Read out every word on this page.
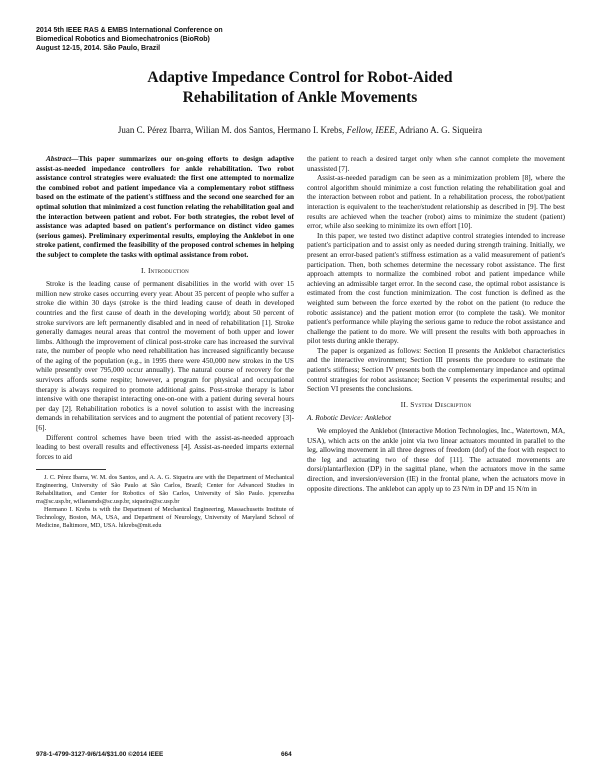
2014 5th IEEE RAS & EMBS International Conference on
Biomedical Robotics and Biomechatronics (BioRob)
August 12-15, 2014. São Paulo, Brazil
Adaptive Impedance Control for Robot-Aided
Rehabilitation of Ankle Movements
Juan C. Pérez Ibarra, Wilian M. dos Santos, Hermano I. Krebs, Fellow, IEEE, Adriano A. G. Siqueira

Abstract—This paper summarizes our on-going efforts to design adaptive assist-as-needed impedance controllers for ankle rehabilitation. Two robot assistance control strategies were evaluated: the first one attempted to normalize the combined robot and patient impedance via a complementary robot stiffness based on the estimate of the patient's stiffness and the second one searched for an optimal solution that minimized a cost function relating the rehabilitation goal and the interaction between patient and robot. For both strategies, the robot level of assistance was adapted based on patient's performance on distinct video games (serious games). Preliminary experimental results, employing the Anklebot in one stroke patient, confirmed the feasibility of the proposed control schemes in helping the subject to complete the tasks with optimal assistance from robot.

I. Introduction

Stroke is the leading cause of permanent disabilities in the world with over 15 million new stroke cases occurring every year. About 35 percent of people who suffer a stroke die within 30 days (stroke is the third leading cause of death in developed countries and the first cause of death in the developing world); about 50 percent of stroke survivors are left permanently disabled and in need of rehabilitation [1]. Stroke generally damages neural areas that control the movement of both upper and lower limbs. Although the improvement of clinical post-stroke care has increased the survival rate, the number of people who need rehabilitation has increased significantly because of the aging of the population (e.g., in 1995 there were 450,000 new strokes in the US while presently over 795,000 occur annually). The natural course of recovery for the survivors affords some respite; however, a program for physical and occupational therapy is always required to promote additional gains. Post-stroke therapy is labor intensive with one therapist interacting one-on-one with a patient during several hours per day [2]. Rehabilitation robotics is a novel solution to assist with the increasing demands in rehabilitation services and to augment the potential of patient recovery [3]-[6].

Different control schemes have been tried with the assist-as-needed approach leading to best overall results and effectiveness [4]. Assist-as-needed imparts external forces to aid

J. C. Pérez Ibarra, W. M. dos Santos, and A. A. G. Siqueira are with the Department of Mechanical Engineering, University of São Paulo at São Carlos, Brazil; Center for Advanced Studies in Rehabilitation, and Center for Robotics of São Carlos, University of São Paulo. jcpereziba rra@sc.usp.br, wiliansmds@sc.usp.br, siqueira@sc.usp.br

Hermano I. Krebs is with the Department of Mechanical Engineering, Massachusetts Institute of Technology, Boston, MA, USA, and Department of Neurology, University of Maryland School of Medicine, Baltimore, MD, USA. hikrebs@mit.edu

the patient to reach a desired target only when s/he cannot complete the movement unassisted [7].

Assist-as-needed paradigm can be seen as a minimization problem [8], where the control algorithm should minimize a cost function relating the rehabilitation goal and the interaction between robot and patient. In a rehabilitation process, the robot/patient interaction is equivalent to the teacher/student relationship as described in [9]. The best results are achieved when the teacher (robot) aims to minimize the student (patient) error, while also seeking to minimize its own effort [10].

In this paper, we tested two distinct adaptive control strategies intended to increase patient's participation and to assist only as needed during strength training. Initially, we present an error-based patient's stiffness estimation as a valid measurement of patient's participation. Then, both schemes determine the necessary robot assistance. The first approach attempts to normalize the combined robot and patient impedance while achieving an admissible target error. In the second case, the optimal robot assistance is estimated from the cost function minimization. The cost function is defined as the weighted sum between the force exerted by the robot on the patient (to reduce the robotic assistance) and the patient motion error (to complete the task). We monitor patient's performance while playing the serious game to reduce the robot assistance and challenge the patient to do more. We will present the results with both approaches in pilot tests during ankle therapy.

The paper is organized as follows: Section II presents the Anklebot characteristics and the interactive environment; Section III presents the procedure to estimate the patient's stiffness; Section IV presents both the complementary impedance and optimal control strategies for robot assistance; Section V presents the experimental results; and Section VI presents the conclusions.

II. System Description
A. Robotic Device: Anklebot

We employed the Anklebot (Interactive Motion Technologies, Inc., Watertown, MA, USA), which acts on the ankle joint via two linear actuators mounted in parallel to the leg, allowing movement in all three degrees of freedom (dof) of the foot with respect to the leg and actuating two of these dof [11]. The actuated movements are dorsi/plantarflexion (DP) in the sagittal plane, when the actuators move in the same direction, and inversion/eversion (IE) in the frontal plane, when the actuators move in opposite directions. The anklebot can apply up to 23 N/m in DP and 15 N/m in

978-1-4799-3127-9/6/14/$31.00 ©2014 IEEE	664
